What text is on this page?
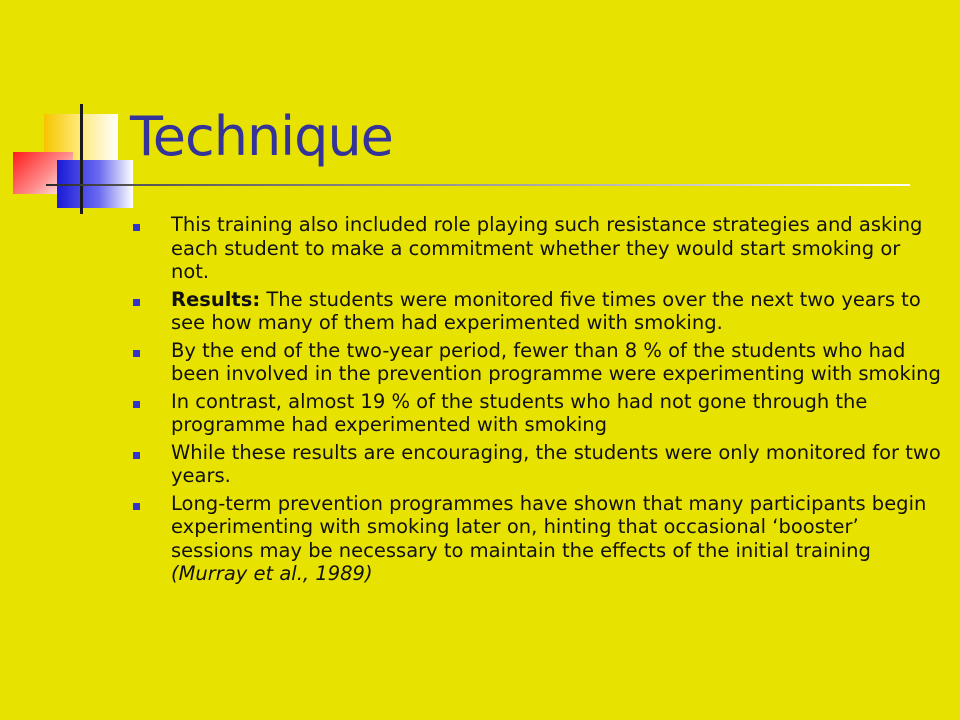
Technique
This training also included role playing such resistance strategies and asking each student to make a commitment whether they would start smoking or not.
Results: The students were monitored five times over the next two years to see how many of them had experimented with smoking.
By the end of the two-year period, fewer than 8 % of the students who had been involved in the prevention programme were experimenting with smoking
In contrast, almost 19 % of the students who had not gone through the programme had experimented with smoking
While these results are encouraging, the students were only monitored for two years.
Long-term prevention programmes have shown that many participants begin experimenting with smoking later on, hinting that occasional ‘booster’ sessions may be necessary to maintain the effects of the initial training (Murray et al., 1989)
